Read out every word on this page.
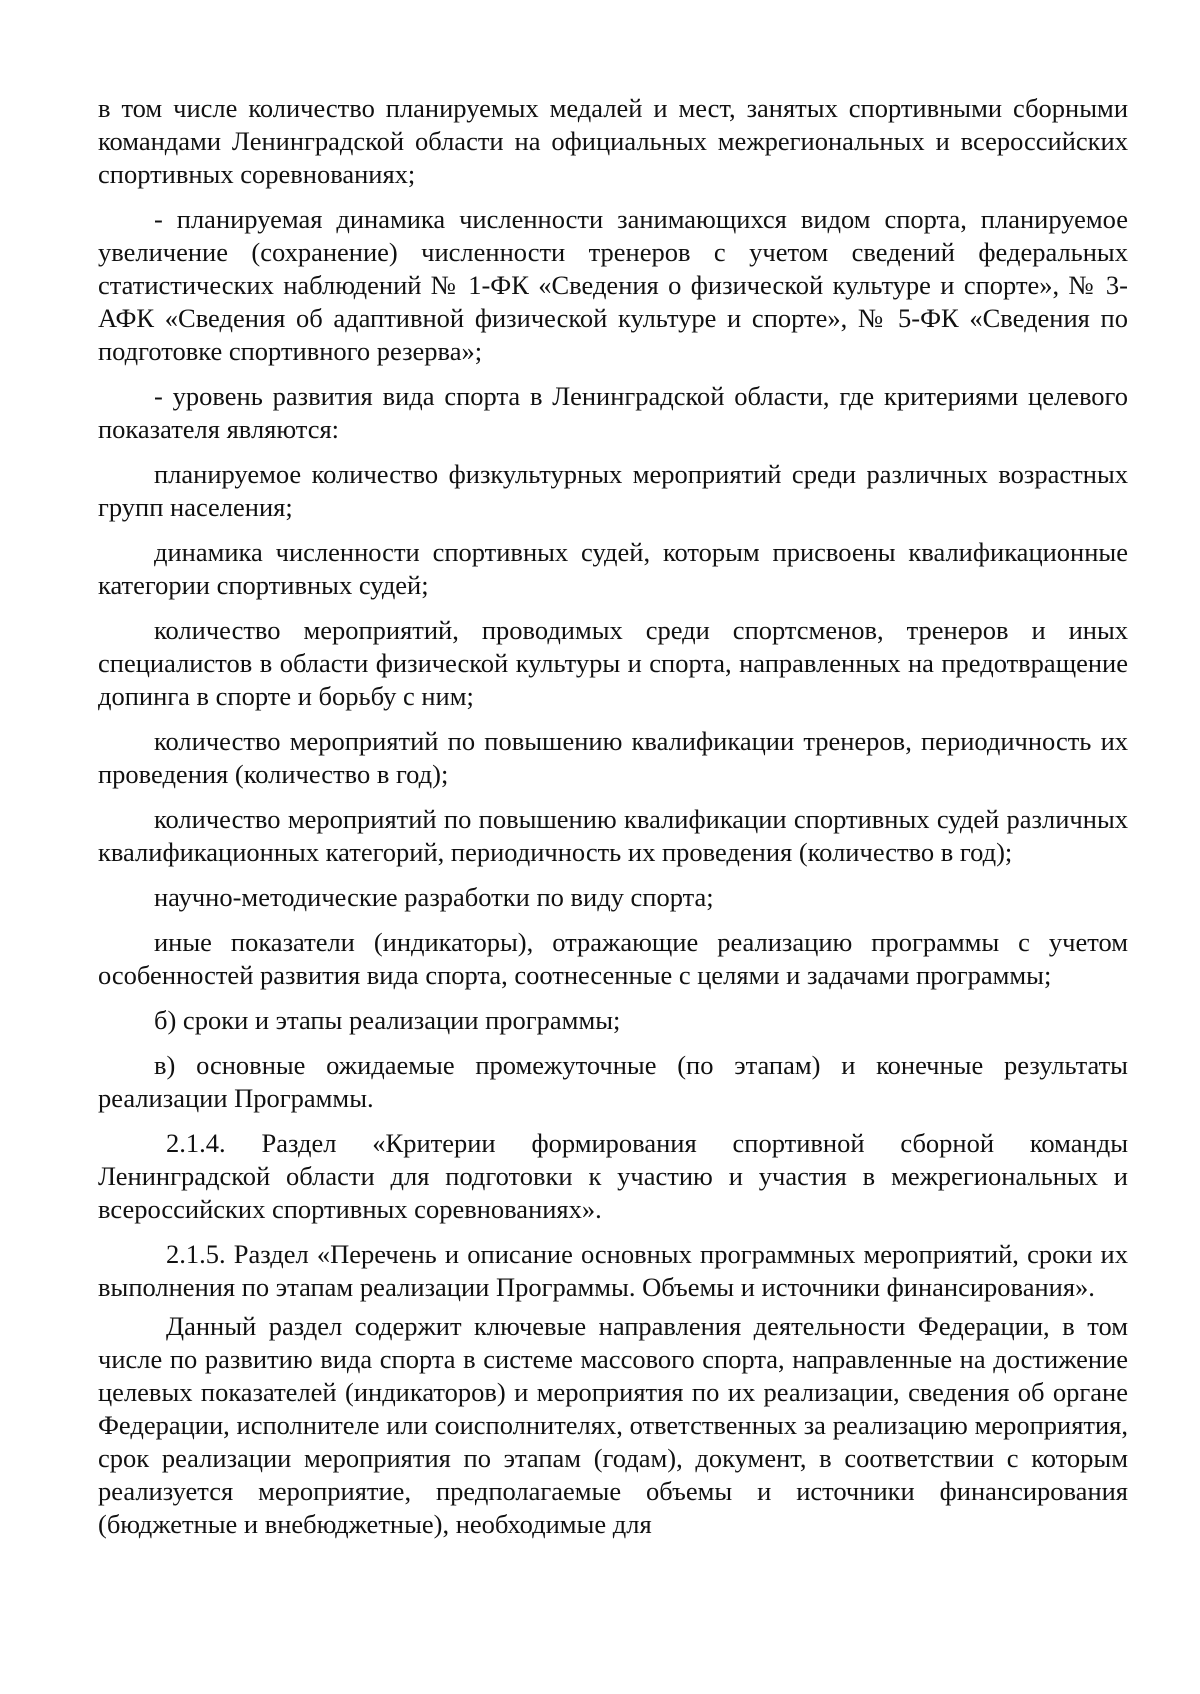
в том числе количество планируемых медалей и мест, занятых спортивными сборными командами Ленинградской области на официальных межрегиональных и всероссийских спортивных соревнованиях;

- планируемая динамика численности занимающихся видом спорта, планируемое увеличение (сохранение) численности тренеров с учетом сведений федеральных статистических наблюдений № 1-ФК «Сведения о физической культуре и спорте», № 3-АФК «Сведения об адаптивной физической культуре и спорте», № 5-ФК «Сведения по подготовке спортивного резерва»;

- уровень развития вида спорта в Ленинградской области, где критериями целевого показателя являются:

планируемое количество физкультурных мероприятий среди различных возрастных групп населения;

динамика численности спортивных судей, которым присвоены квалификационные категории спортивных судей;

количество мероприятий, проводимых среди спортсменов, тренеров и иных специалистов в области физической культуры и спорта, направленных на предотвращение допинга в спорте и борьбу с ним;

количество мероприятий по повышению квалификации тренеров, периодичность их проведения (количество в год);

количество мероприятий по повышению квалификации спортивных судей различных квалификационных категорий, периодичность их проведения (количество в год);

научно-методические разработки по виду спорта;

иные показатели (индикаторы), отражающие реализацию программы с учетом особенностей развития вида спорта, соотнесенные с целями и задачами программы;

б) сроки и этапы реализации программы;

в) основные ожидаемые промежуточные (по этапам) и конечные результаты реализации Программы.

2.1.4. Раздел «Критерии формирования спортивной сборной команды Ленинградской области для подготовки к участию и участия в межрегиональных и всероссийских спортивных соревнованиях».

2.1.5. Раздел «Перечень и описание основных программных мероприятий, сроки их выполнения по этапам реализации Программы. Объемы и источники финансирования».

Данный раздел содержит ключевые направления деятельности Федерации, в том числе по развитию вида спорта в системе массового спорта, направленные на достижение целевых показателей (индикаторов) и мероприятия по их реализации, сведения об органе Федерации, исполнителе или соисполнителях, ответственных за реализацию мероприятия, срок реализации мероприятия по этапам (годам), документ, в соответствии с которым реализуется мероприятие, предполагаемые объемы и источники финансирования (бюджетные и внебюджетные), необходимые для
